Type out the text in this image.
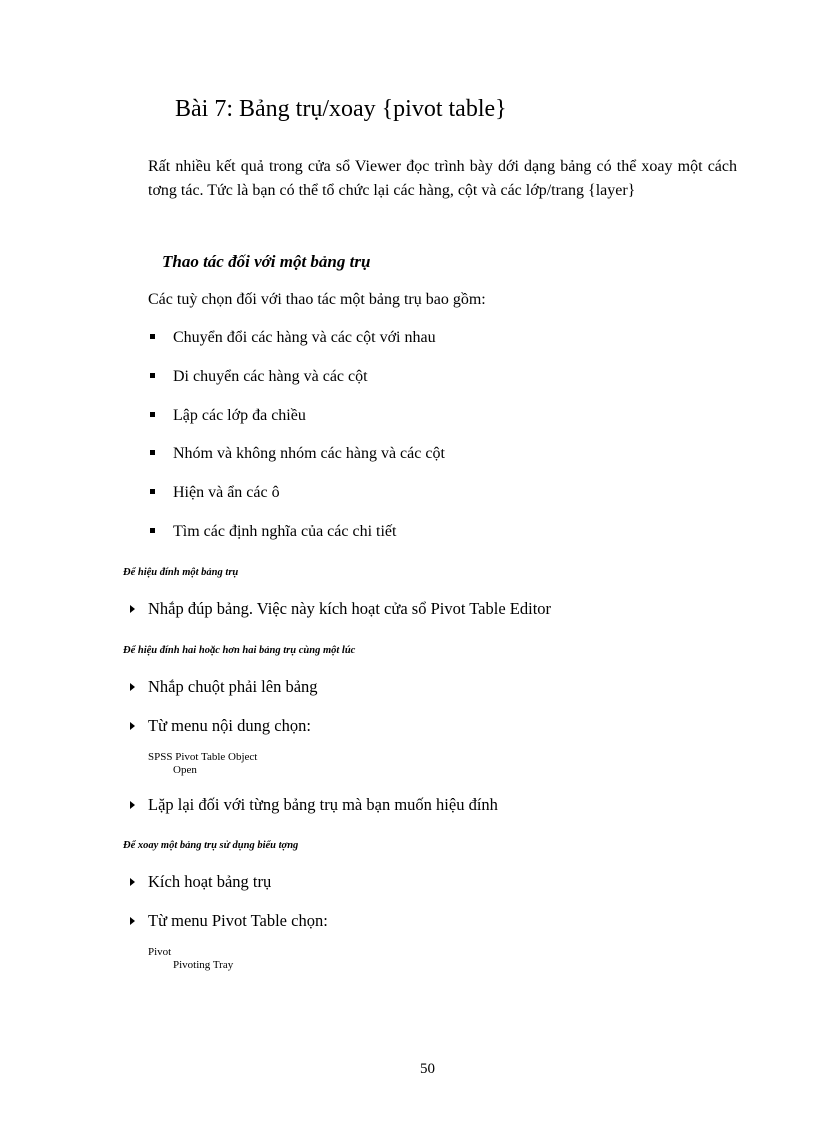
Bài 7: Bảng trụ/xoay {pivot table}
Rất nhiều kết quả trong cửa sổ Viewer đọc trình bày dới dạng bảng có thể xoay một cách tơng tác. Tức là bạn có thể tổ chức lại các hàng, cột và các lớp/trang {layer}
Thao tác đối với một bảng trụ
Các tuỳ chọn đối với thao tác một bảng trụ bao gồm:
Chuyển đổi các hàng và các cột với nhau
Di chuyển các hàng và các cột
Lập các lớp đa chiều
Nhóm và không nhóm các hàng và các cột
Hiện và ẩn các ô
Tìm các định nghĩa của các chi tiết
Để hiệu đính một bảng trụ
Nhắp đúp bảng. Việc này kích hoạt cửa sổ Pivot Table Editor
Để hiệu đính hai hoặc hơn hai bảng trụ cùng một lúc
Nhắp chuột phải lên bảng
Từ menu nội dung chọn:
SPSS Pivot Table Object
Open
Lặp lại đối với từng bảng trụ mà bạn muốn hiệu đính
Để xoay một bảng trụ sử dụng biểu tợng
Kích hoạt bảng trụ
Từ menu Pivot Table chọn:
Pivot
Pivoting Tray
50
